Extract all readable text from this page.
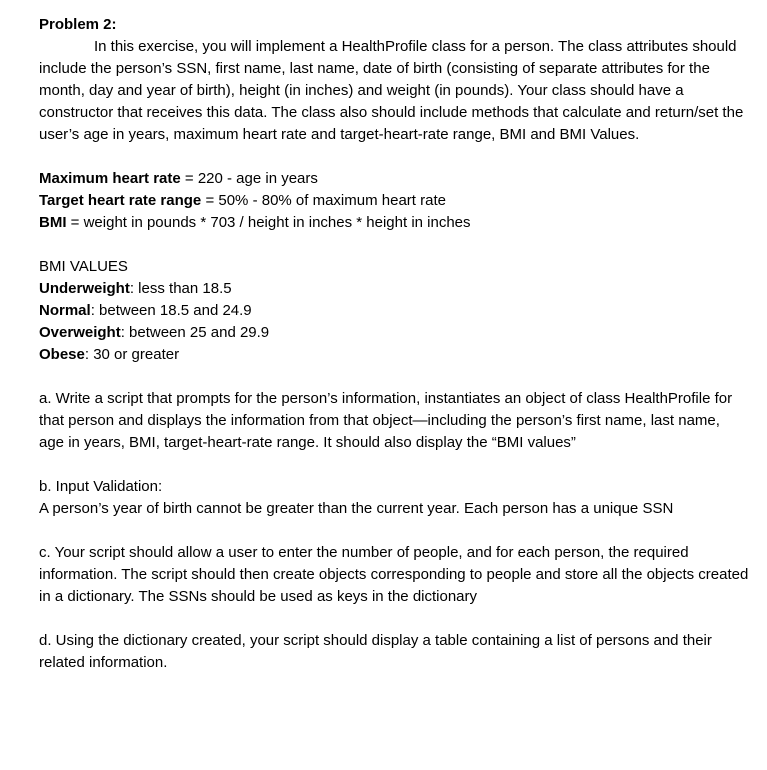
Problem 2:

In this exercise, you will implement a HealthProfile class for a person. The class attributes should include the person’s SSN, first name, last name, date of birth (consisting of separate attributes for the month, day and year of birth), height (in inches) and weight (in pounds). Your class should have a constructor that receives this data. The class also should include methods that calculate and return/set the user’s age in years, maximum heart rate and target-heart-rate range, BMI and BMI Values.

Maximum heart rate = 220 - age in years

Target heart rate range = 50% - 80% of maximum heart rate

BMI = weight in pounds * 703 / height in inches * height in inches

BMI VALUES

Underweight: less than 18.5

Normal: between 18.5 and 24.9

Overweight: between 25 and 29.9

Obese: 30 or greater

a. Write a script that prompts for the person’s information, instantiates an object of class HealthProfile for that person and displays the information from that object—including the person’s first name, last name, age in years, BMI, target-heart-rate range. It should also display the “BMI values”

b. Input Validation:

A person’s year of birth cannot be greater than the current year. Each person has a unique SSN

c. Your script should allow a user to enter the number of people, and for each person, the required information. The script should then create objects corresponding to people and store all the objects created in a dictionary. The SSNs should be used as keys in the dictionary

d. Using the dictionary created, your script should display a table containing a list of persons and their related information.
